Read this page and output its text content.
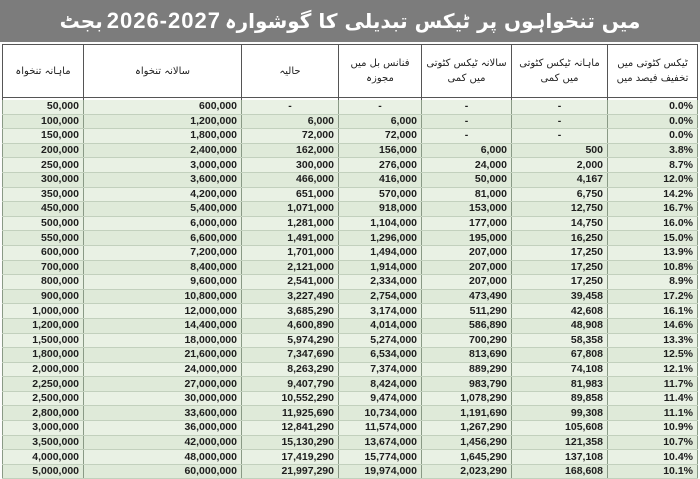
بجٹ 2026-2027 میں تنخواہوں پر ٹیکس تبدیلی کا گوشوارہ
ماہانہ تنخواہ	سالانہ تنخواہ	حالیہ	فنانس بل میں مجوزہ	سالانہ ٹیکس کٹوتی میں کمی	ماہانہ ٹیکس کٹوتی میں کمی	ٹیکس کٹوتی میں تخفیف فیصد میں

50,000	600,000	-	-	-	-	0.0%
100,000	1,200,000	6,000	6,000	-	-	0.0%
150,000	1,800,000	72,000	72,000	-	-	0.0%
200,000	2,400,000	162,000	156,000	6,000	500	3.8%
250,000	3,000,000	300,000	276,000	24,000	2,000	8.7%
300,000	3,600,000	466,000	416,000	50,000	4,167	12.0%
350,000	4,200,000	651,000	570,000	81,000	6,750	14.2%
450,000	5,400,000	1,071,000	918,000	153,000	12,750	16.7%
500,000	6,000,000	1,281,000	1,104,000	177,000	14,750	16.0%
550,000	6,600,000	1,491,000	1,296,000	195,000	16,250	15.0%
600,000	7,200,000	1,701,000	1,494,000	207,000	17,250	13.9%
700,000	8,400,000	2,121,000	1,914,000	207,000	17,250	10.8%
800,000	9,600,000	2,541,000	2,334,000	207,000	17,250	8.9%
900,000	10,800,000	3,227,490	2,754,000	473,490	39,458	17.2%
1,000,000	12,000,000	3,685,290	3,174,000	511,290	42,608	16.1%
1,200,000	14,400,000	4,600,890	4,014,000	586,890	48,908	14.6%
1,500,000	18,000,000	5,974,290	5,274,000	700,290	58,358	13.3%
1,800,000	21,600,000	7,347,690	6,534,000	813,690	67,808	12.5%
2,000,000	24,000,000	8,263,290	7,374,000	889,290	74,108	12.1%
2,250,000	27,000,000	9,407,790	8,424,000	983,790	81,983	11.7%
2,500,000	30,000,000	10,552,290	9,474,000	1,078,290	89,858	11.4%
2,800,000	33,600,000	11,925,690	10,734,000	1,191,690	99,308	11.1%
3,000,000	36,000,000	12,841,290	11,574,000	1,267,290	105,608	10.9%
3,500,000	42,000,000	15,130,290	13,674,000	1,456,290	121,358	10.7%
4,000,000	48,000,000	17,419,290	15,774,000	1,645,290	137,108	10.4%
5,000,000	60,000,000	21,997,290	19,974,000	2,023,290	168,608	10.1%
